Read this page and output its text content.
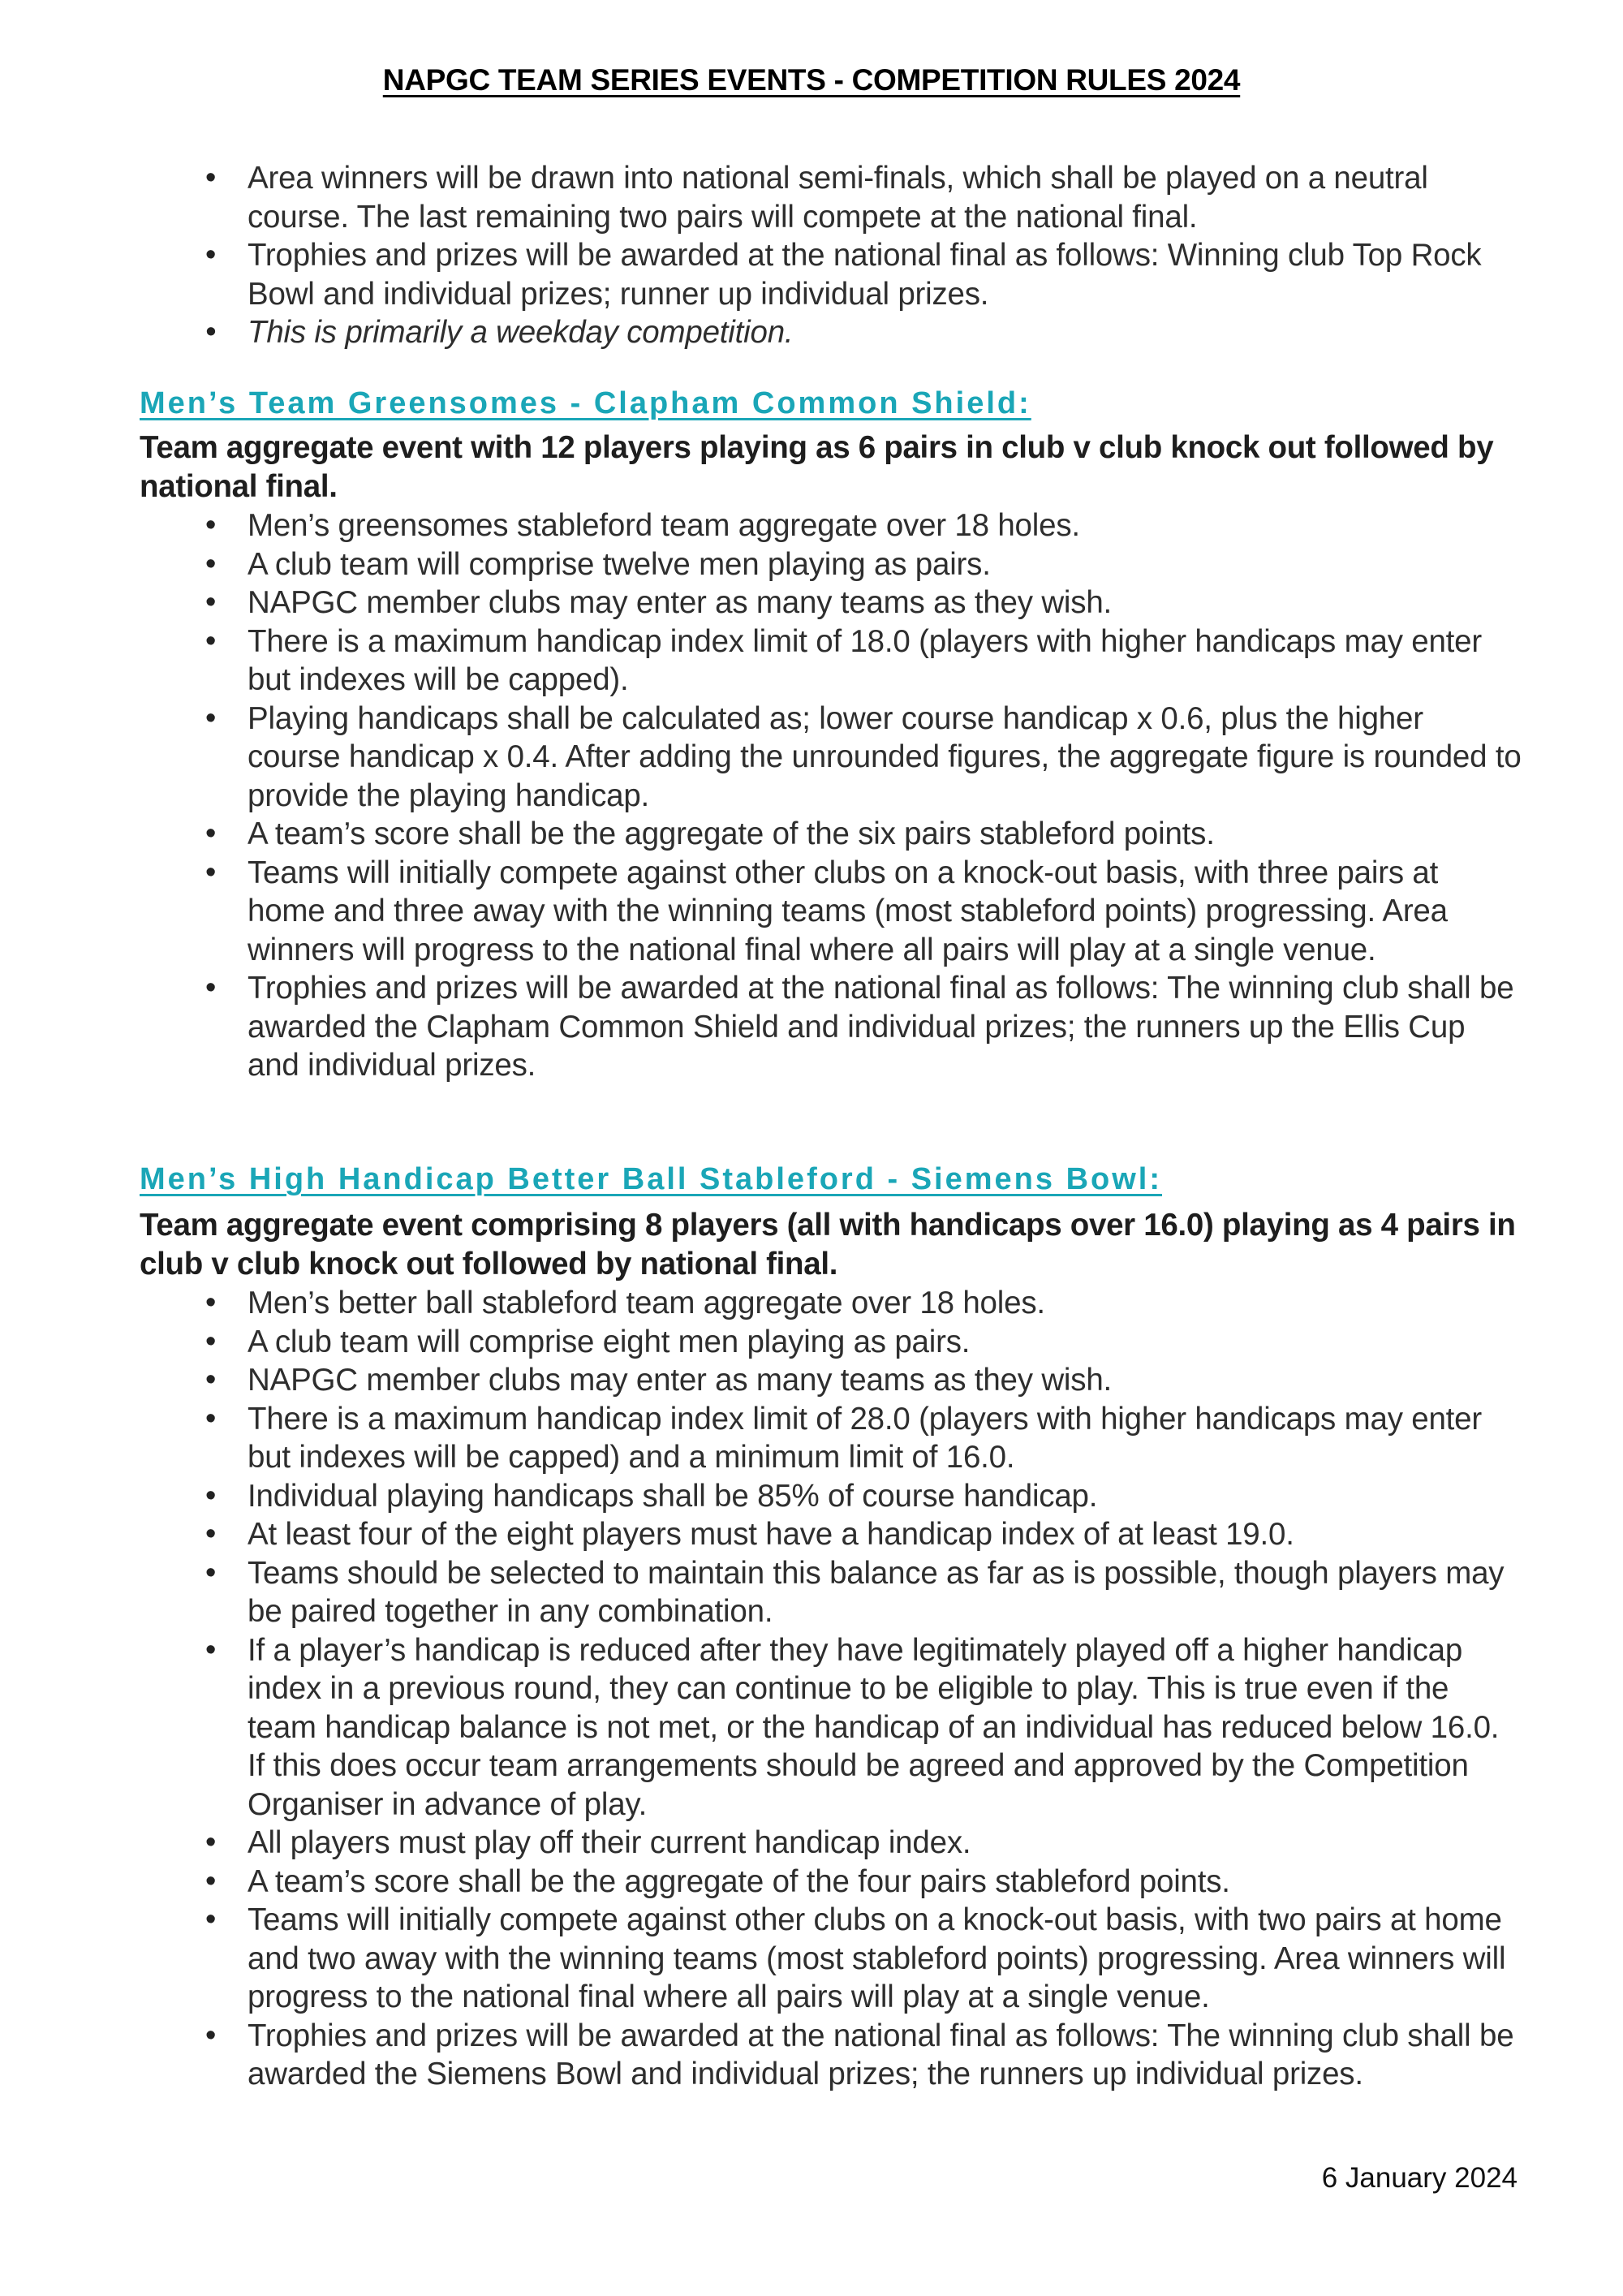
NAPGC TEAM SERIES EVENTS - COMPETITION RULES 2024
• Area winners will be drawn into national semi-finals, which shall be played on a neutral course. The last remaining two pairs will compete at the national final.
• Trophies and prizes will be awarded at the national final as follows: Winning club Top Rock Bowl and individual prizes; runner up individual prizes.
• This is primarily a weekday competition.
Men’s Team Greensomes - Clapham Common Shield:
Team aggregate event with 12 players playing as 6 pairs in club v club knock out followed by national final.
• Men’s greensomes stableford team aggregate over 18 holes.
• A club team will comprise twelve men playing as pairs.
• NAPGC member clubs may enter as many teams as they wish.
• There is a maximum handicap index limit of 18.0 (players with higher handicaps may enter but indexes will be capped).
• Playing handicaps shall be calculated as; lower course handicap x 0.6, plus the higher course handicap x 0.4. After adding the unrounded figures, the aggregate figure is rounded to provide the playing handicap.
• A team’s score shall be the aggregate of the six pairs stableford points.
• Teams will initially compete against other clubs on a knock-out basis, with three pairs at home and three away with the winning teams (most stableford points) progressing. Area winners will progress to the national final where all pairs will play at a single venue.
• Trophies and prizes will be awarded at the national final as follows: The winning club shall be awarded the Clapham Common Shield and individual prizes; the runners up the Ellis Cup and individual prizes.
Men’s High Handicap Better Ball Stableford - Siemens Bowl:
Team aggregate event comprising 8 players (all with handicaps over 16.0) playing as 4 pairs in club v club knock out followed by national final.
• Men’s better ball stableford team aggregate over 18 holes.
• A club team will comprise eight men playing as pairs.
• NAPGC member clubs may enter as many teams as they wish.
• There is a maximum handicap index limit of 28.0 (players with higher handicaps may enter but indexes will be capped) and a minimum limit of 16.0.
• Individual playing handicaps shall be 85% of course handicap.
• At least four of the eight players must have a handicap index of at least 19.0.
• Teams should be selected to maintain this balance as far as is possible, though players may be paired together in any combination.
• If a player’s handicap is reduced after they have legitimately played off a higher handicap index in a previous round, they can continue to be eligible to play. This is true even if the team handicap balance is not met, or the handicap of an individual has reduced below 16.0. If this does occur team arrangements should be agreed and approved by the Competition Organiser in advance of play.
• All players must play off their current handicap index.
• A team’s score shall be the aggregate of the four pairs stableford points.
• Teams will initially compete against other clubs on a knock-out basis, with two pairs at home and two away with the winning teams (most stableford points) progressing. Area winners will progress to the national final where all pairs will play at a single venue.
• Trophies and prizes will be awarded at the national final as follows: The winning club shall be awarded the Siemens Bowl and individual prizes; the runners up individual prizes.
6 January 2024
